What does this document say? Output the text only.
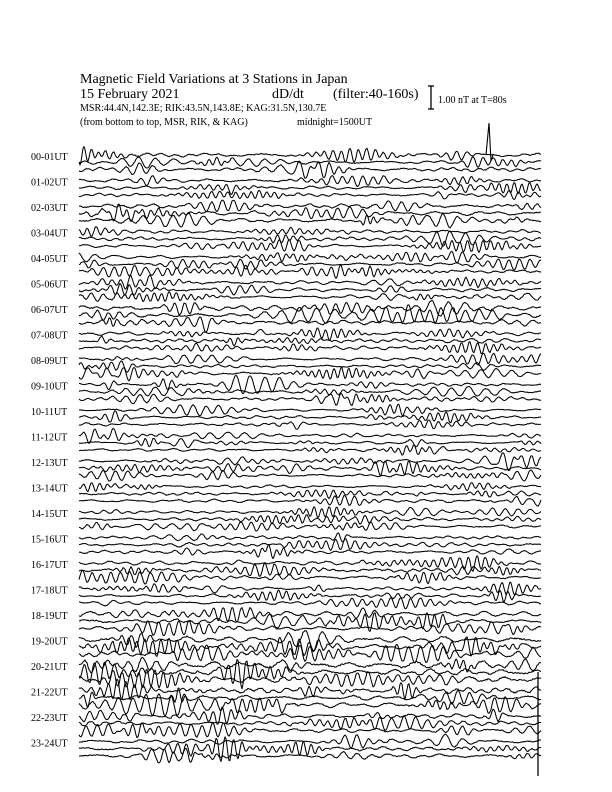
Magnetic Field Variations at 3 Stations in Japan
15 February 2021	dD/dt (filter:40-160s)
MSR:44.4N,142.3E; RIK:43.5N,143.8E; KAG:31.5N,130.7E
(from bottom to top, MSR, RIK, & KAG)	midnight=1500UT
1.00 nT at T=80s
00-01UT
01-02UT
02-03UT
03-04UT
04-05UT
05-06UT
06-07UT
07-08UT
08-09UT
09-10UT
10-11UT
11-12UT
12-13UT
13-14UT
14-15UT
15-16UT
16-17UT
17-18UT
18-19UT
19-20UT
20-21UT
21-22UT
22-23UT
23-24UT
